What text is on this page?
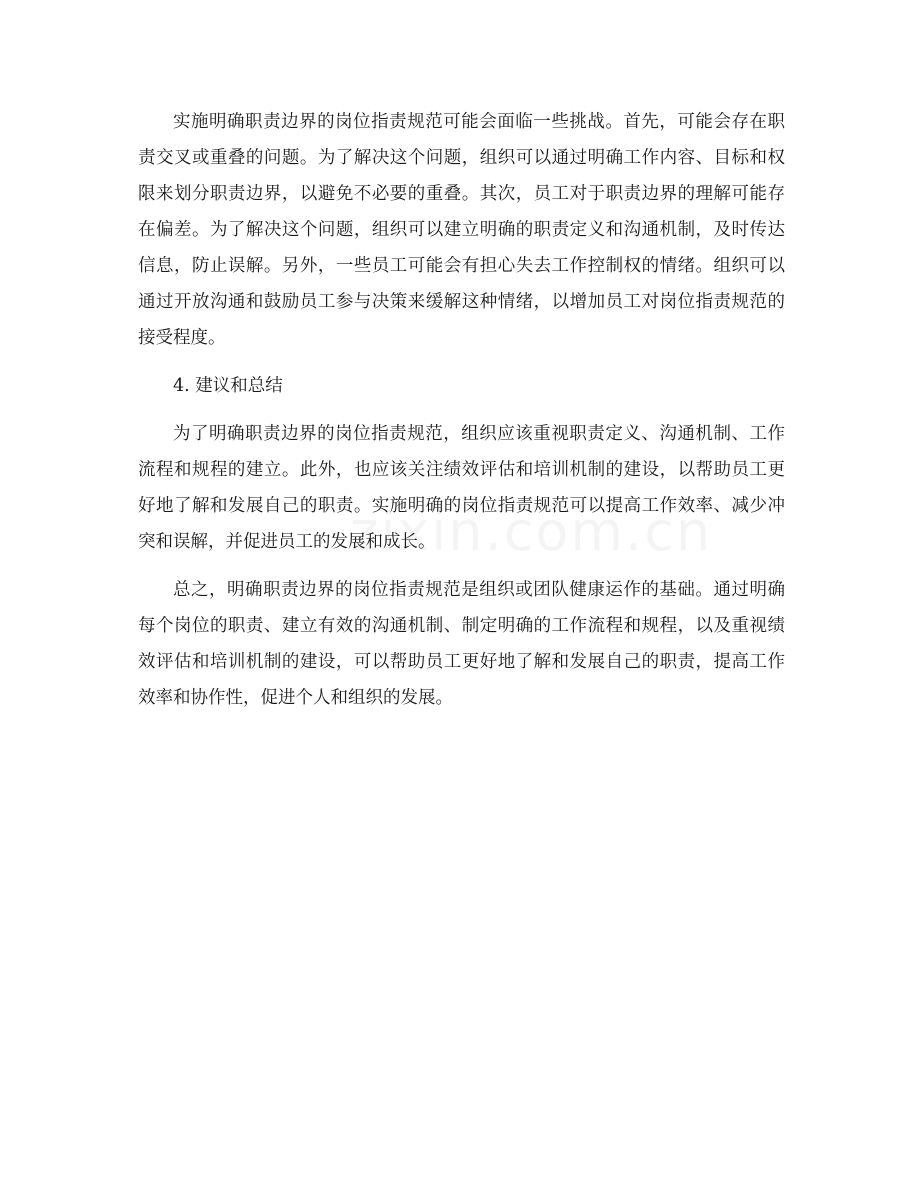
实施明确职责边界的岗位指责规范可能会面临一些挑战。首先，可能会存在职责交叉或重叠的问题。为了解决这个问题，组织可以通过明确工作内容、目标和权限来划分职责边界，以避免不必要的重叠。其次，员工对于职责边界的理解可能存在偏差。为了解决这个问题，组织可以建立明确的职责定义和沟通机制，及时传达信息，防止误解。另外，一些员工可能会有担心失去工作控制权的情绪。组织可以通过开放沟通和鼓励员工参与决策来缓解这种情绪，以增加员工对岗位指责规范的接受程度。

4. 建议和总结

为了明确职责边界的岗位指责规范，组织应该重视职责定义、沟通机制、工作流程和规程的建立。此外，也应该关注绩效评估和培训机制的建设，以帮助员工更好地了解和发展自己的职责。实施明确的岗位指责规范可以提高工作效率、减少冲突和误解，并促进员工的发展和成长。

总之，明确职责边界的岗位指责规范是组织或团队健康运作的基础。通过明确每个岗位的职责、建立有效的沟通机制、制定明确的工作流程和规程，以及重视绩效评估和培训机制的建设，可以帮助员工更好地了解和发展自己的职责，提高工作效率和协作性，促进个人和组织的发展。
